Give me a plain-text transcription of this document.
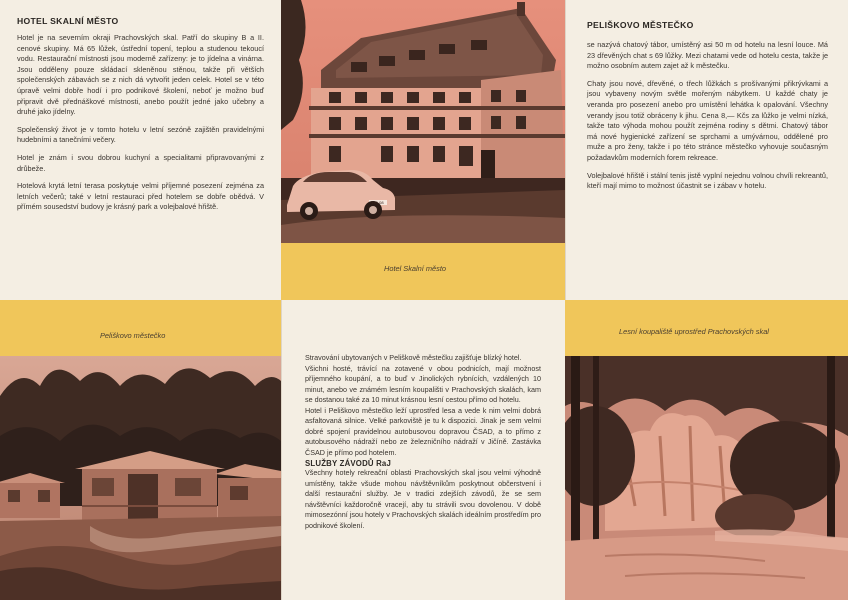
HOTEL SKALNÍ MĚSTO

Hotel je na severním okraji Prachovských skal. Patří do skupiny B a II. cenové skupiny. Má 65 lůžek, ústřední topení, teplou a studenou tekoucí vodu. Restaurační místnosti jsou moderně zařízeny: je to jídelna a vinárna. Jsou odděleny pouze skládací skleněnou stěnou, takže při větších společenských zábavách se z nich dá vytvořit jeden celek. Hotel se v této úpravě velmi dobře hodí i pro podnikové školení, neboť je možno buď připravit dvě přednáškové místnosti, anebo použít jedné jako učebny a druhé jako jídelny.

Společenský život je v tomto hotelu v letní sezóně zajištěn pravidelnými hudebními a tanečními večery.

Hotel je znám i svou dobrou kuchyní a specialitami připravovanými z drůbeže.

Hotelová krytá letní terasa poskytuje velmi příjemné posezení zejména za letních večerů; také v letní restauraci před hotelem se dobře obědvá. V přímém sousedství budovy je krásný park a volejbalové hřiště.

Peliškovo městečko
HR-08
Hotel Skalní město

Stravování ubytovaných v Peliškově městečku zajišťuje blízký hotel.

Všichni hosté, trávící na zotavené v obou podnicích, mají možnost příjemného koupání, a to buď v Jinolických rybnících, vzdálených 10 minut, anebo ve známém lesním koupališti v Prachovských skalách, kam se dostanou také za 10 minut krásnou lesní cestou přímo od hotelu.

Hotel i Peliškovo městečko leží uprostřed lesa a vede k nim velmi dobrá asfaltovaná silnice. Velké parkoviště je tu k dispozici. Jinak je sem velmi dobré spojení pravidelnou autobusovou dopravou ČSAD, a to přímo z autobusového nádraží nebo ze železničního nádraží v Jičíně. Zastávka ČSAD je přímo pod hotelem.

SLUŽBY ZÁVODŮ RaJ

Všechny hotely rekreační oblasti Prachovských skal jsou velmi výhodně umístěny, takže všude mohou návštěvníkům poskytnout občerstvení i další restaurační služby. Je v tradici zdejších závodů, že se sem návštěvníci každoročně vracejí, aby tu strávili svou dovolenou. V době mimosezónní jsou hotely v Prachovských skalách ideálním prostředím pro podnikové školení.

PELIŠKOVO MĚSTEČKO

se nazývá chatový tábor, umístěný asi 50 m od hotelu na lesní louce. Má 23 dřevěných chat s 69 lůžky. Mezi chatami vede od hotelu cesta, takže je možno osobním autem zajet až k městečku.

Chaty jsou nové, dřevěné, o třech lůžkách s prošívanými přikrývkami a jsou vybaveny novým světle mořeným nábytkem. U každé chaty je veranda pro posezení anebo pro umístění lehátka k opalování. Všechny verandy jsou totiž obráceny k jihu. Cena 8,— Kčs za lůžko je velmi nízká, takže tato výhoda mohou použít zejména rodiny s dětmi. Chatový tábor má nové hygienické zařízení se sprchami a umývárnou, oddělené pro muže a pro ženy, takže i po této stránce městečko vyhovuje současným požadavkům moderních forem rekreace.

Volejbalové hřiště i stální tenis jistě vyplní nejednu volnou chvíli rekreantů, kteří mají mimo to možnost účastnit se i zábav v hotelu.

Lesní koupaliště uprostřed Prachovských skal
